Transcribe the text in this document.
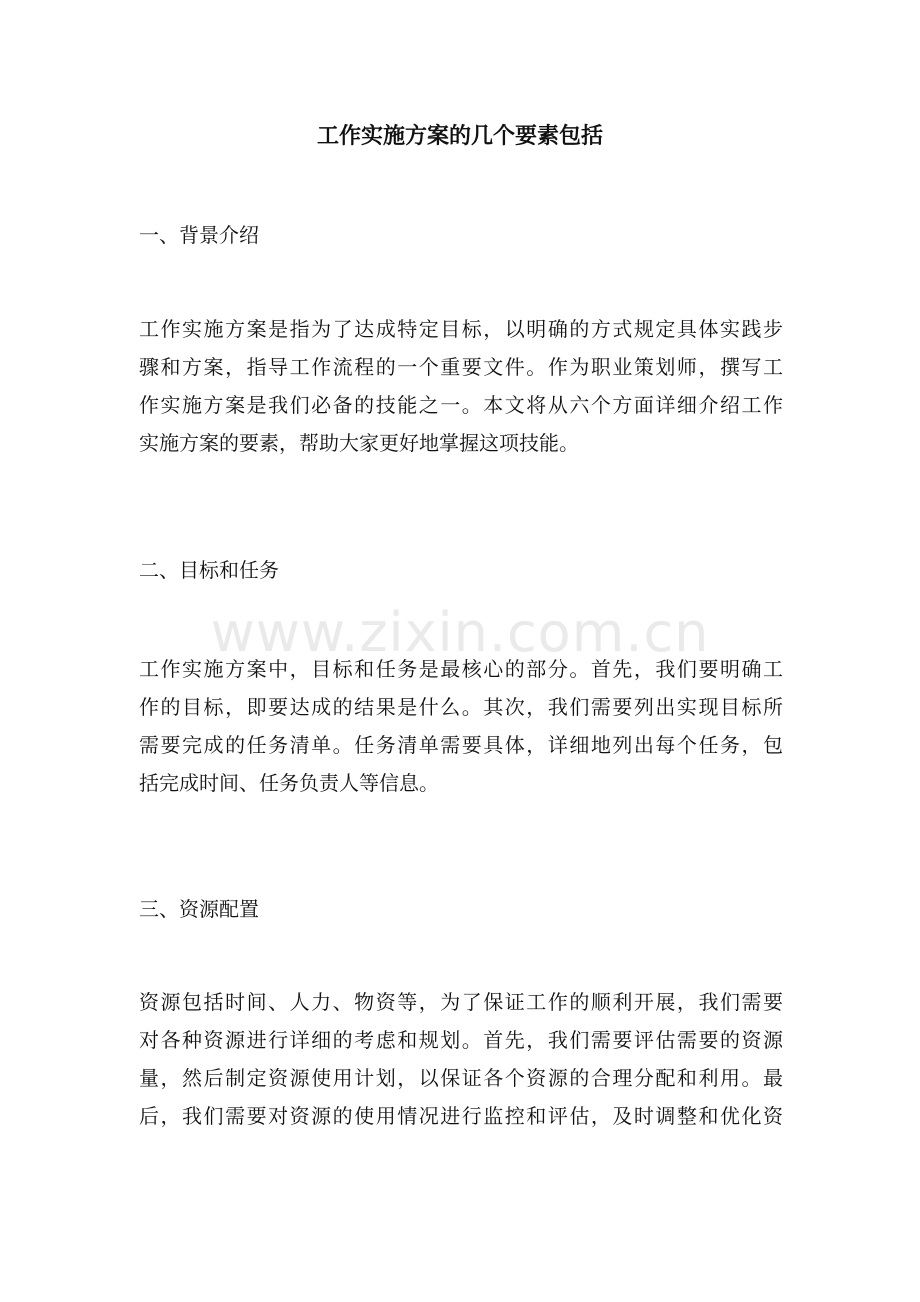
工作实施方案的几个要素包括
一、背景介绍

工作实施方案是指为了达成特定目标，以明确的方式规定具体实践步
骤和方案，指导工作流程的一个重要文件。作为职业策划师，撰写工
作实施方案是我们必备的技能之一。本文将从六个方面详细介绍工作
实施方案的要素，帮助大家更好地掌握这项技能。

二、目标和任务
www.zixin.com.cn

工作实施方案中，目标和任务是最核心的部分。首先，我们要明确工
作的目标，即要达成的结果是什么。其次，我们需要列出实现目标所
需要完成的任务清单。任务清单需要具体，详细地列出每个任务，包
括完成时间、任务负责人等信息。

三、资源配置

资源包括时间、人力、物资等，为了保证工作的顺利开展，我们需要
对各种资源进行详细的考虑和规划。首先，我们需要评估需要的资源
量，然后制定资源使用计划，以保证各个资源的合理分配和利用。最
后，我们需要对资源的使用情况进行监控和评估，及时调整和优化资
